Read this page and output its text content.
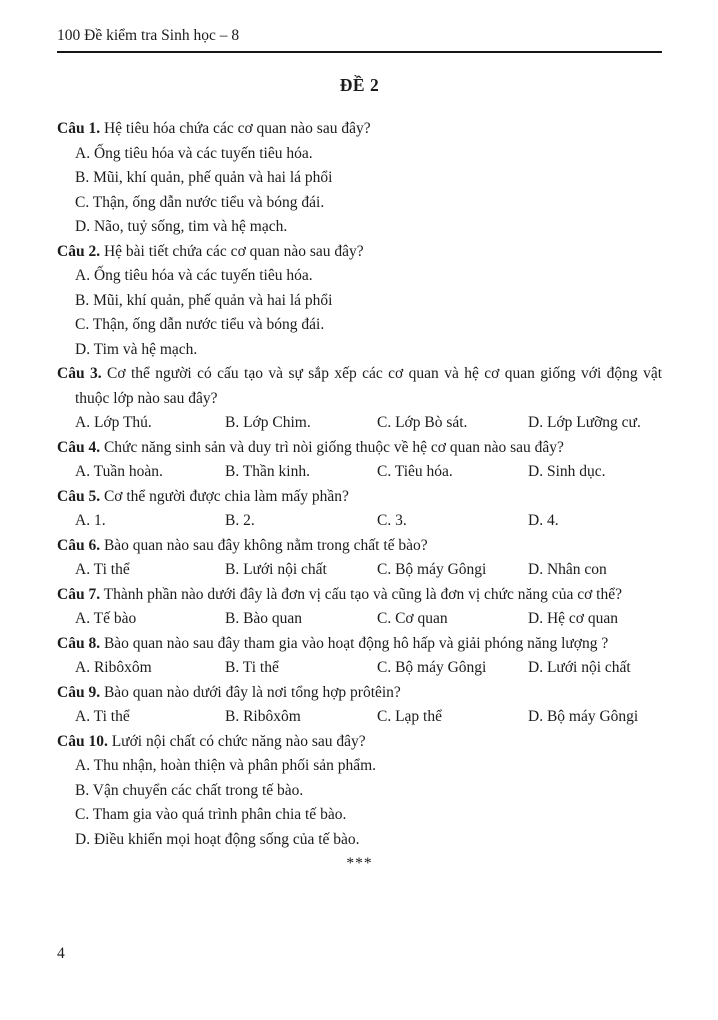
100 Đề kiểm tra Sinh học – 8
ĐỀ 2

Câu 1. Hệ tiêu hóa chứa các cơ quan nào sau đây?

A. Ống tiêu hóa và các tuyến tiêu hóa.
B. Mũi, khí quản, phế quản và hai lá phổi
C. Thận, ống dẫn nước tiểu và bóng đái.
D. Não, tuỷ sống, tim và hệ mạch.

Câu 2. Hệ bài tiết chứa các cơ quan nào sau đây?

A. Ống tiêu hóa và các tuyến tiêu hóa.
B. Mũi, khí quản, phế quản và hai lá phổi
C. Thận, ống dẫn nước tiểu và bóng đái.
D. Tim và hệ mạch.

Câu 3. Cơ thể người có cấu tạo và sự sắp xếp các cơ quan và hệ cơ quan giống với động vật thuộc lớp nào sau đây?

A. Lớp Thú.	B. Lớp Chim.	C. Lớp Bò sát.	D. Lớp Lưỡng cư.

Câu 4. Chức năng sinh sản và duy trì nòi giống thuộc về hệ cơ quan nào sau đây?

A. Tuần hoàn.	B. Thần kinh.	C. Tiêu hóa.	D. Sinh dục.

Câu 5. Cơ thể người được chia làm mấy phần?

A. 1.	B. 2.	C. 3.	D. 4.

Câu 6. Bào quan nào sau đây không nằm trong chất tế bào?

A. Ti thể	B. Lưới nội chất	C. Bộ máy Gôngi	D. Nhân con

Câu 7. Thành phần nào dưới đây là đơn vị cấu tạo và cũng là đơn vị chức năng của cơ thể?

A. Tế bào	B. Bào quan	C. Cơ quan	D. Hệ cơ quan

Câu 8. Bào quan nào sau đây tham gia vào hoạt động hô hấp và giải phóng năng lượng ?

A. Ribôxôm	B. Ti thể	C. Bộ máy Gôngi	D. Lưới nội chất

Câu 9. Bào quan nào dưới đây là nơi tổng hợp prôtêin?

A. Ti thể	B. Ribôxôm	C. Lạp thể	D. Bộ máy Gôngi

Câu 10. Lưới nội chất có chức năng nào sau đây?

A. Thu nhận, hoàn thiện và phân phối sản phẩm.
B. Vận chuyển các chất trong tế bào.
C. Tham gia vào quá trình phân chia tế bào.
D. Điều khiển mọi hoạt động sống của tế bào.
***
4
